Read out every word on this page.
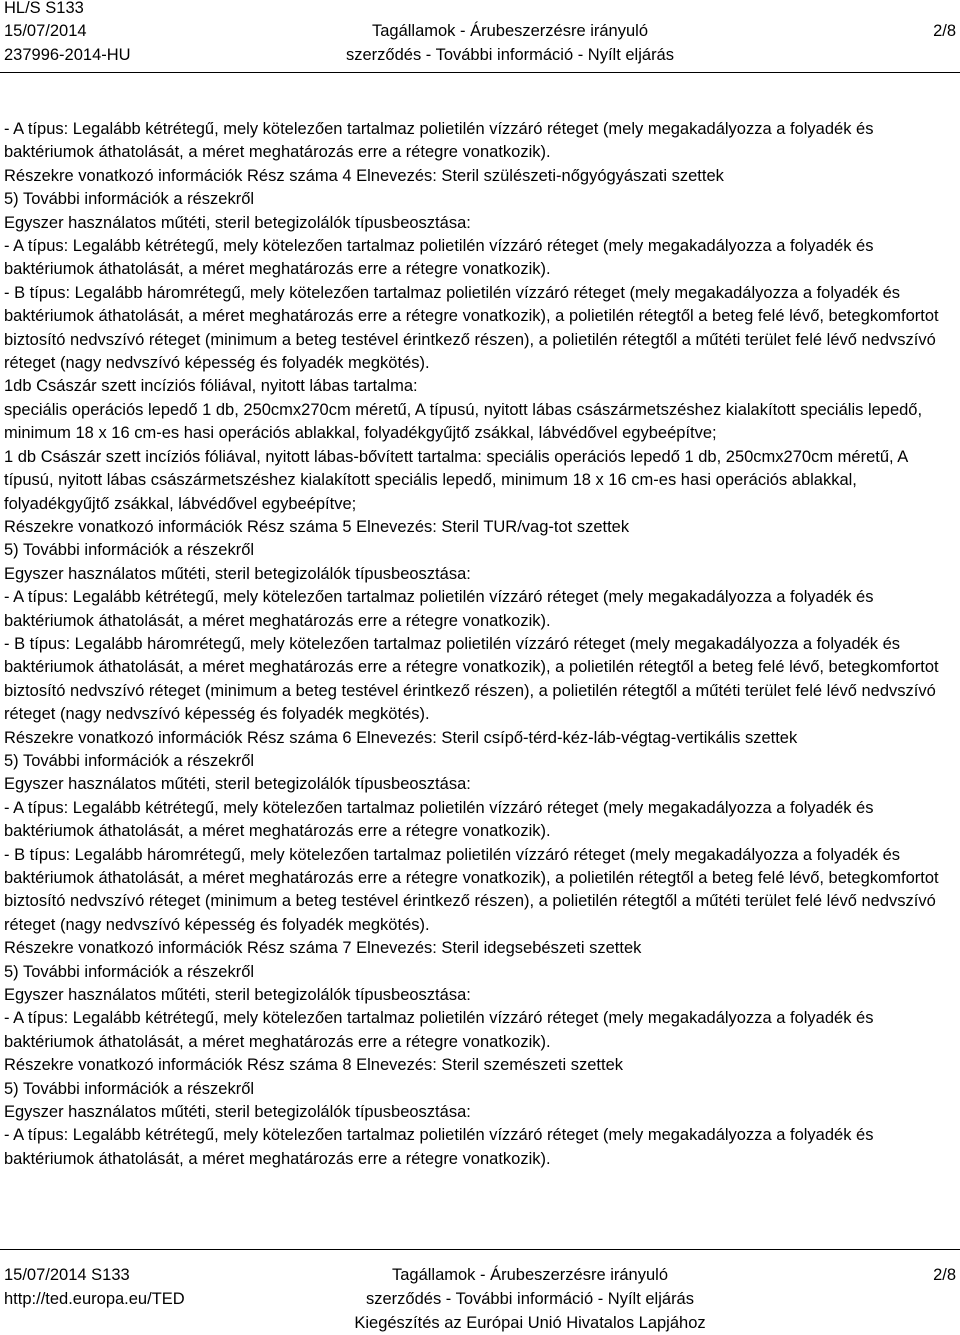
HL/S S133
15/07/2014
237996-2014-HU
Tagállamok - Árubeszerzésre irányuló
szerződés - További információ - Nyílt eljárás
2/8

- A típus: Legalább kétrétegű, mely kötelezően tartalmaz polietilén vízzáró réteget (mely megakadályozza a folyadék és baktériumok áthatolását, a méret meghatározás erre a rétegre vonatkozik).

Részekre vonatkozó információk Rész száma 4 Elnevezés: Steril szülészeti-nőgyógyászati szettek

5) További információk a részekről

Egyszer használatos műtéti, steril betegizolálók típusbeosztása:

- A típus: Legalább kétrétegű, mely kötelezően tartalmaz polietilén vízzáró réteget (mely megakadályozza a folyadék és baktériumok áthatolását, a méret meghatározás erre a rétegre vonatkozik).

- B típus: Legalább háromrétegű, mely kötelezően tartalmaz polietilén vízzáró réteget (mely megakadályozza a folyadék és baktériumok áthatolását, a méret meghatározás erre a rétegre vonatkozik), a polietilén rétegtől a beteg felé lévő, betegkomfortot biztosító nedvszívó réteget (minimum a beteg testével érintkező részen), a polietilén rétegtől a műtéti terület felé lévő nedvszívó réteget (nagy nedvszívó képesség és folyadék megkötés).

1db Császár szett incíziós fóliával, nyitott lábas tartalma:

speciális operációs lepedő 1 db, 250cmx270cm méretű, A típusú, nyitott lábas császármetszéshez kialakított speciális lepedő, minimum 18 x 16 cm-es hasi operációs ablakkal, folyadékgyűjtő zsákkal, lábvédővel egybeépítve;

1 db Császár szett incíziós fóliával, nyitott lábas-bővített tartalma: speciális operációs lepedő 1 db, 250cmx270cm méretű, A típusú, nyitott lábas császármetszéshez kialakított speciális lepedő, minimum 18 x 16 cm-es hasi operációs ablakkal, folyadékgyűjtő zsákkal, lábvédővel egybeépítve;

Részekre vonatkozó információk Rész száma 5 Elnevezés: Steril TUR/vag-tot szettek

5) További információk a részekről

Egyszer használatos műtéti, steril betegizolálók típusbeosztása:

- A típus: Legalább kétrétegű, mely kötelezően tartalmaz polietilén vízzáró réteget (mely megakadályozza a folyadék és baktériumok áthatolását, a méret meghatározás erre a rétegre vonatkozik).

- B típus: Legalább háromrétegű, mely kötelezően tartalmaz polietilén vízzáró réteget (mely megakadályozza a folyadék és baktériumok áthatolását, a méret meghatározás erre a rétegre vonatkozik), a polietilén rétegtől a beteg felé lévő, betegkomfortot biztosító nedvszívó réteget (minimum a beteg testével érintkező részen), a polietilén rétegtől a műtéti terület felé lévő nedvszívó réteget (nagy nedvszívó képesség és folyadék megkötés).

Részekre vonatkozó információk Rész száma 6 Elnevezés: Steril csípő-térd-kéz-láb-végtag-vertikális szettek

5) További információk a részekről

Egyszer használatos műtéti, steril betegizolálók típusbeosztása:

- A típus: Legalább kétrétegű, mely kötelezően tartalmaz polietilén vízzáró réteget (mely megakadályozza a folyadék és baktériumok áthatolását, a méret meghatározás erre a rétegre vonatkozik).

- B típus: Legalább háromrétegű, mely kötelezően tartalmaz polietilén vízzáró réteget (mely megakadályozza a folyadék és baktériumok áthatolását, a méret meghatározás erre a rétegre vonatkozik), a polietilén rétegtől a beteg felé lévő, betegkomfortot biztosító nedvszívó réteget (minimum a beteg testével érintkező részen), a polietilén rétegtől a műtéti terület felé lévő nedvszívó réteget (nagy nedvszívó képesség és folyadék megkötés).

Részekre vonatkozó információk Rész száma 7 Elnevezés: Steril idegsebészeti szettek

5) További információk a részekről

Egyszer használatos műtéti, steril betegizolálók típusbeosztása:

- A típus: Legalább kétrétegű, mely kötelezően tartalmaz polietilén vízzáró réteget (mely megakadályozza a folyadék és baktériumok áthatolását, a méret meghatározás erre a rétegre vonatkozik).

Részekre vonatkozó információk Rész száma 8 Elnevezés: Steril szemészeti szettek

5) További információk a részekről

Egyszer használatos műtéti, steril betegizolálók típusbeosztása:

- A típus: Legalább kétrétegű, mely kötelezően tartalmaz polietilén vízzáró réteget (mely megakadályozza a folyadék és baktériumok áthatolását, a méret meghatározás erre a rétegre vonatkozik).

15/07/2014 S133
http://ted.europa.eu/TED
Tagállamok - Árubeszerzésre irányuló
szerződés - További információ - Nyílt eljárás
Kiegészítés az Európai Unió Hivatalos Lapjához
2/8
